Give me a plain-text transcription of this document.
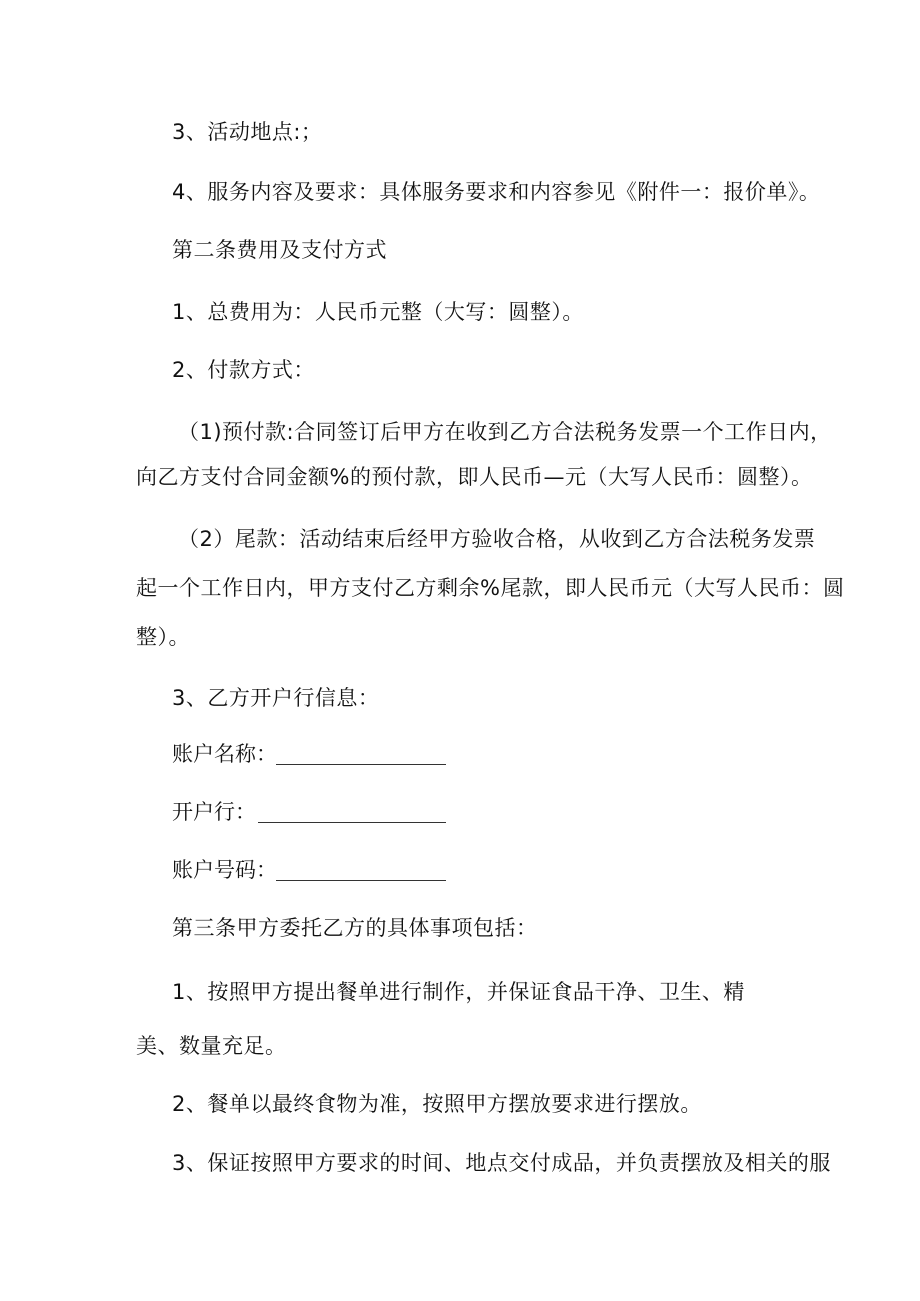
3、活动地点:；
4、服务内容及要求：具体服务要求和内容参见《附件一：报价单》。
第二条费用及支付方式
1、总费用为：人民币元整（大写：圆整）。
2、付款方式：
（1)预付款:合同签订后甲方在收到乙方合法税务发票一个工作日内，
向乙方支付合同金额%的预付款，即人民币—元（大写人民币：圆整）。
（2）尾款：活动结束后经甲方验收合格，从收到乙方合法税务发票
起一个工作日内，甲方支付乙方剩余%尾款，即人民币元（大写人民币：圆
整）。
3、乙方开户行信息：
账户名称：
开户行：
账户号码：
第三条甲方委托乙方的具体事项包括：
1、按照甲方提出餐单进行制作，并保证食品干净、卫生、精
美、数量充足。
2、餐单以最终食物为准，按照甲方摆放要求进行摆放。
3、保证按照甲方要求的时间、地点交付成品，并负责摆放及相关的服
